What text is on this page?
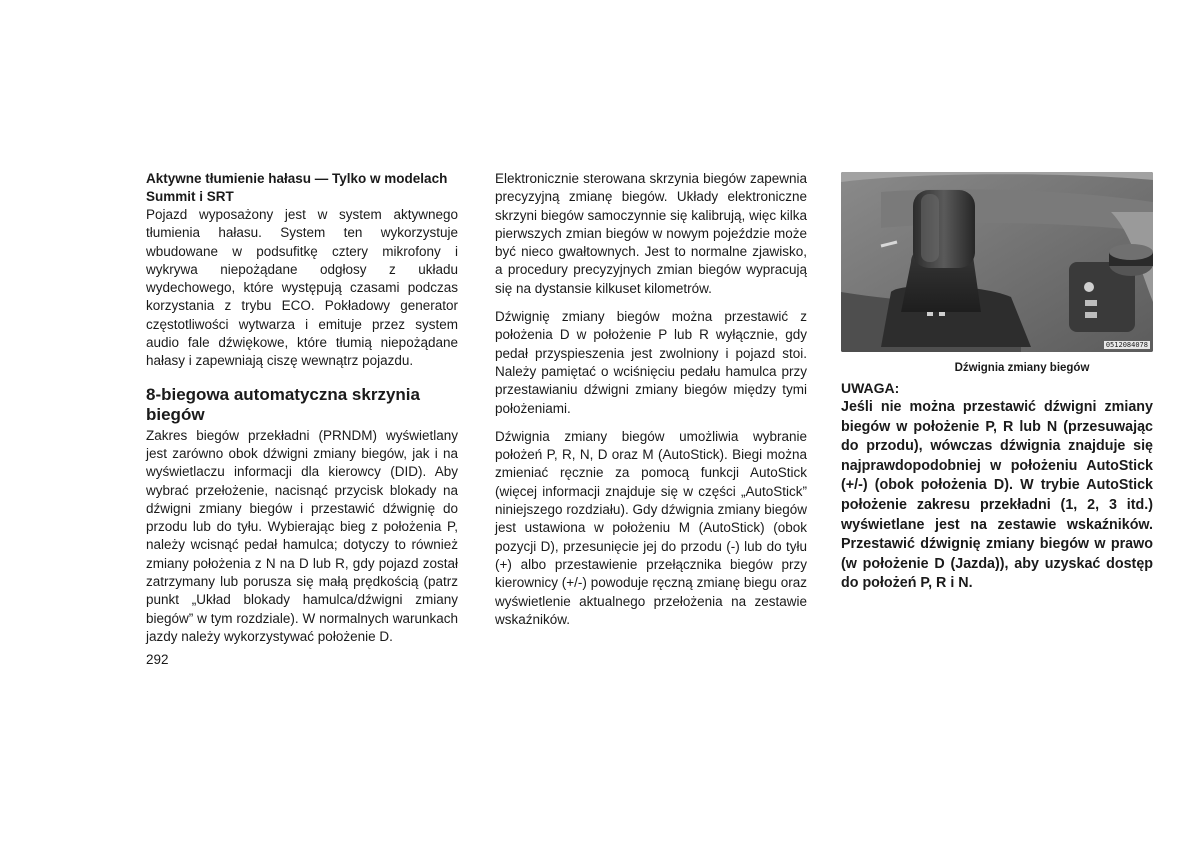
Aktywne tłumienie hałasu — Tylko w modelach Summit i SRT

Pojazd wyposażony jest w system aktywnego tłumienia hałasu. System ten wykorzystuje wbudowane w podsufitkę cztery mikrofony i wykrywa niepożądane odgłosy z układu wydechowego, które występują czasami podczas korzystania z trybu ECO. Pokładowy generator częstotliwości wytwarza i emituje przez system audio fale dźwiękowe, które tłumią niepożądane hałasy i zapewniają ciszę wewnątrz pojazdu.

8-biegowa automatyczna skrzynia biegów

Zakres biegów przekładni (PRNDM) wyświetlany jest zarówno obok dźwigni zmiany biegów, jak i na wyświetlaczu informacji dla kierowcy (DID). Aby wybrać przełożenie, nacisnąć przycisk blokady na dźwigni zmiany biegów i przestawić dźwignię do przodu lub do tyłu. Wybierając bieg z położenia P, należy wcisnąć pedał hamulca; dotyczy to również zmiany położenia z N na D lub R, gdy pojazd został zatrzymany lub porusza się małą prędkością (patrz punkt „Układ blokady hamulca/dźwigni zmiany biegów” w tym rozdziale). W normalnych warunkach jazdy należy wykorzystywać położenie D.

Elektronicznie sterowana skrzynia biegów zapewnia precyzyjną zmianę biegów. Układy elektroniczne skrzyni biegów samoczynnie się kalibrują, więc kilka pierwszych zmian biegów w nowym pojeździe może być nieco gwałtownych. Jest to normalne zjawisko, a procedury precyzyjnych zmian biegów wypracują się na dystansie kilkuset kilometrów.

Dźwignię zmiany biegów można przestawić z położenia D w położenie P lub R wyłącznie, gdy pedał przyspieszenia jest zwolniony i pojazd stoi. Należy pamiętać o wciśnięciu pedału hamulca przy przestawianiu dźwigni zmiany biegów między tymi położeniami.

Dźwignia zmiany biegów umożliwia wybranie położeń P, R, N, D oraz M (AutoStick). Biegi można zmieniać ręcznie za pomocą funkcji AutoStick (więcej informacji znajduje się w części „AutoStick” niniejszego rozdziału). Gdy dźwignia zmiany biegów jest ustawiona w położeniu M (AutoStick) (obok pozycji D), przesunięcie jej do przodu (-) lub do tyłu (+) albo przestawienie przełącznika biegów przy kierownicy (+/-) powoduje ręczną zmianę biegu oraz wyświetlenie aktualnego przełożenia na zestawie wskaźników.

0512084078
Dźwignia zmiany biegów

UWAGA:

Jeśli nie można przestawić dźwigni zmiany biegów w położenie P, R lub N (przesuwając do przodu), wówczas dźwignia znajduje się najprawdopodobniej w położeniu AutoStick (+/-) (obok położenia D). W trybie AutoStick położenie zakresu przekładni (1, 2, 3 itd.) wyświetlane jest na zestawie wskaźników. Przestawić dźwignię zmiany biegów w prawo (w położenie D (Jazda)), aby uzyskać dostęp do położeń P, R i N.

292
